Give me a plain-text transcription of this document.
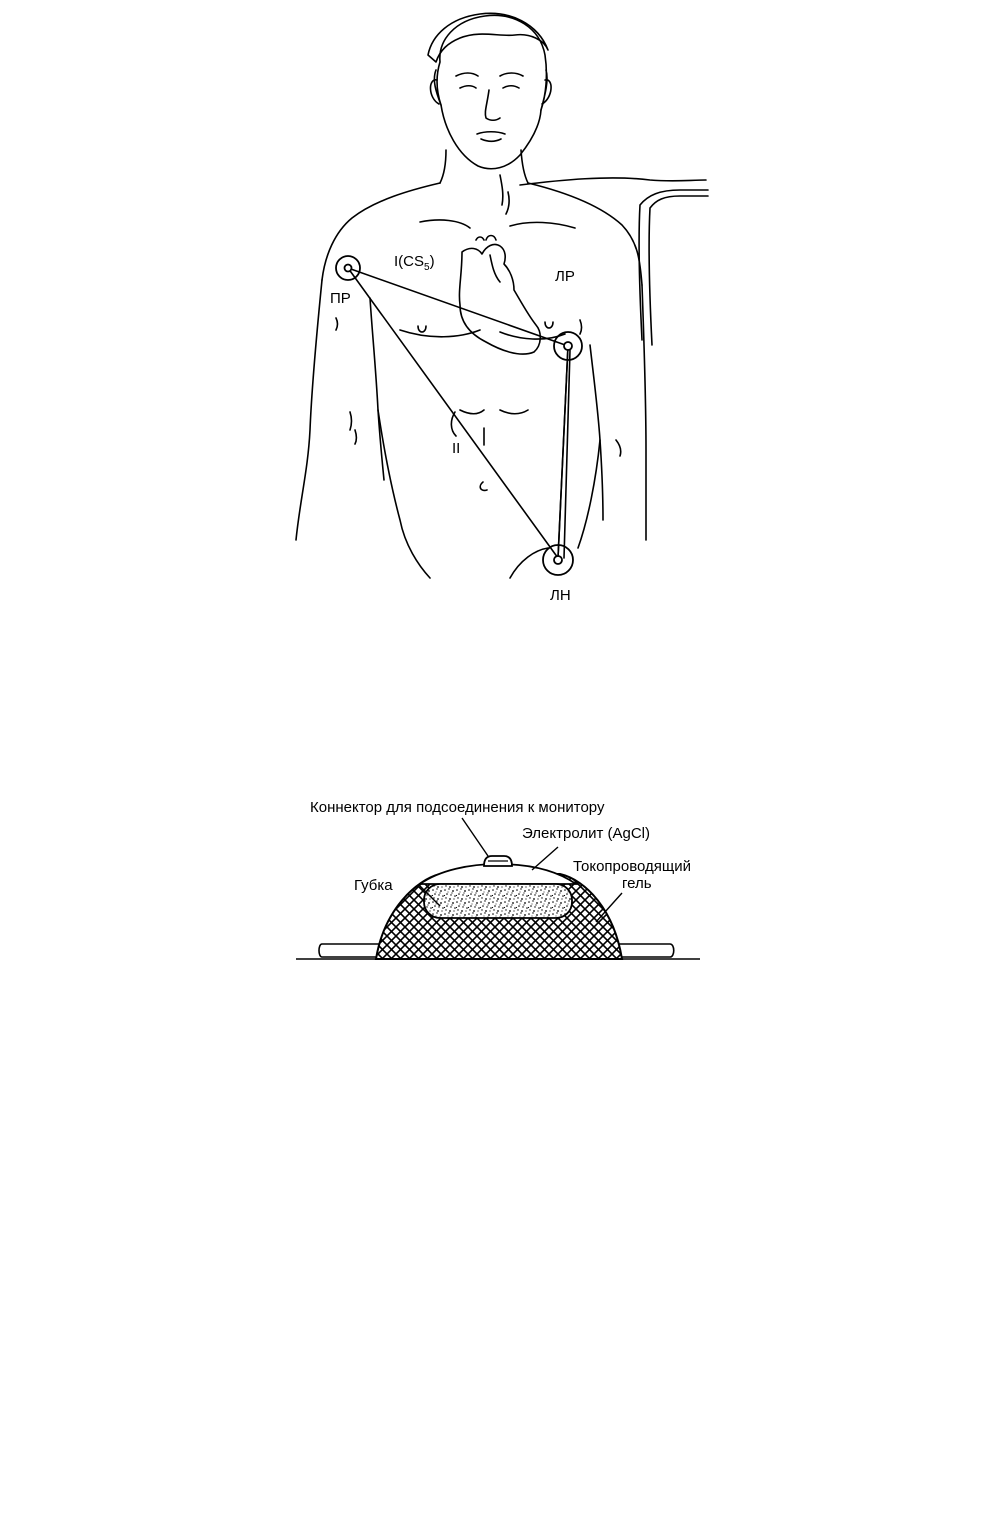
ПР
ЛР
ЛН
$I(CS_5)$
II
Коннектор для подсоединения к монитору
Электролит (AgCl)
Губка
Токопроводящий
гель
